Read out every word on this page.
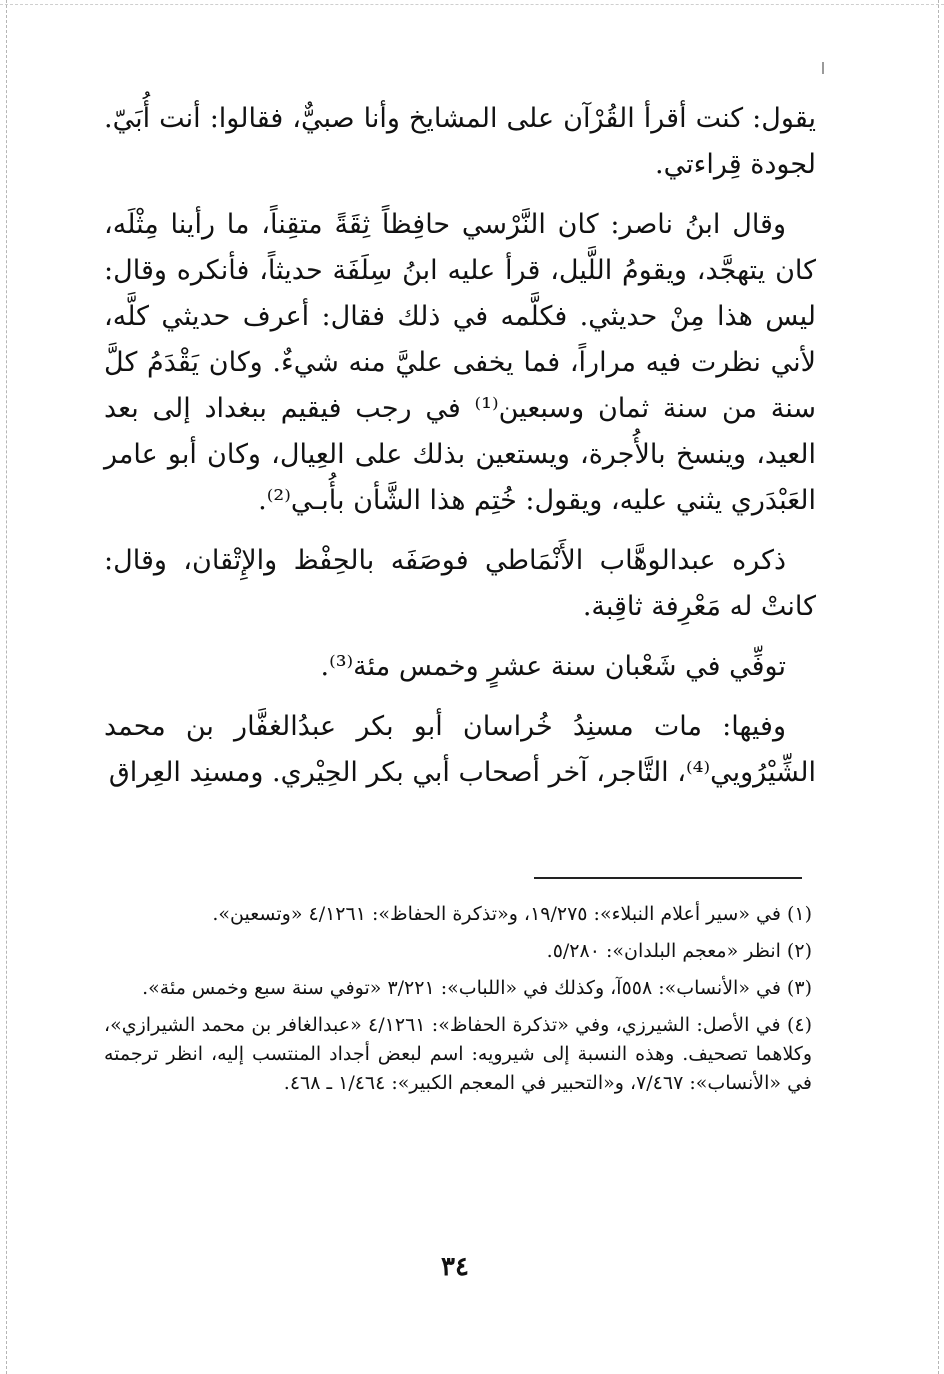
يقول: كنت أقرأ القُرْآن على المشايخ وأنا صبيٌّ، فقالوا: أنت أُبَيّ. لجودة قِراءتي.

وقال ابنُ ناصر: كان النَّرْسي حافِظاً ثِقَةً متقِناً، ما رأينا مِثْلَه، كان يتهجَّد، ويقومُ اللَّيل، قرأ عليه ابنُ سِلَفَة حديثاً، فأنكره وقال: ليس هذا مِنْ حديثي. فكلَّمه في ذلك فقال: أعرف حديثي كلَّه، لأني نظرت فيه مراراً، فما يخفى عليَّ منه شيءٌ. وكان يَقْدَمُ كلَّ سنة من سنة ثمان وسبعين⁽¹⁾ في رجب فيقيم ببغداد إلى بعد العيد، وينسخ بالأُجرة، ويستعين بذلك على العِيال، وكان أبو عامر العَبْدَري يثني عليه، ويقول: خُتِم هذا الشَّأن بأُبـي⁽²⁾.

ذكره عبدالوهَّاب الأَنْمَاطي فوصَفَه بالحِفْظ والإِتْقان، وقال: كانتْ له مَعْرِفة ثاقِبة.

توفِّي في شَعْبان سنة عشرٍ وخمس مئة⁽³⁾.

وفيها: مات مسنِدُ خُراسان أبو بكر عبدُالغفَّار بن محمد الشِّيْرُويي⁽⁴⁾، التَّاجر، آخر أصحاب أبي بكر الحِيْري. ومسنِد العِراق

(١) في «سير أعلام النبلاء»: ١٩/٢٧٥، و«تذكرة الحفاظ»: ٤/١٢٦١ «وتسعين».

(٢) انظر «معجم البلدان»: ٥/٢٨٠.

(٣) في «الأنساب»: ٥٥٨آ، وكذلك في «اللباب»: ٣/٢٢١ «توفي سنة سبع وخمس مئة».

(٤) في الأصل: الشيرزي، وفي «تذكرة الحفاظ»: ٤/١٢٦١ «عبدالغافر بن محمد الشيرازي»، وكلاهما تصحيف. وهذه النسبة إلى شيرويه: اسم لبعض أجداد المنتسب إليه، انظر ترجمته في «الأنساب»: ٧/٤٦٧، و«التحبير في المعجم الكبير»: ١/٤٦٤ ـ ٤٦٨.

٣٤
